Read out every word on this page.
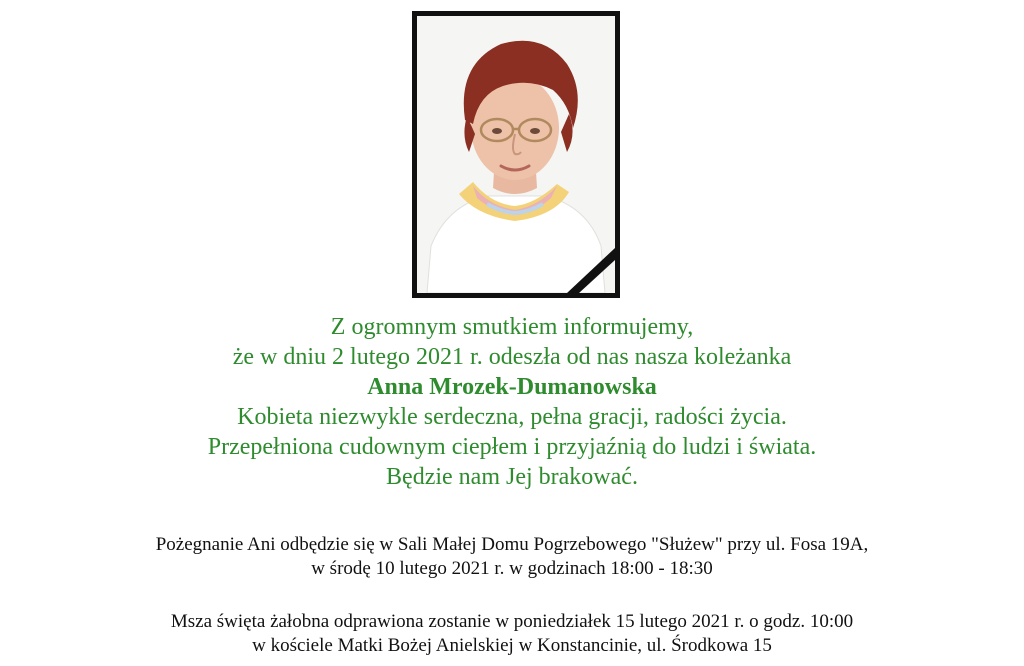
Z ogromnym smutkiem informujemy,
że w dniu 2 lutego 2021 r. odeszła od nas nasza koleżanka
Anna Mrozek-Dumanowska
Kobieta niezwykle serdeczna, pełna gracji, radości życia.
Przepełniona cudownym ciepłem i przyjaźnią do ludzi i świata.
Będzie nam Jej brakować.
Pożegnanie Ani odbędzie się w Sali Małej Domu Pogrzebowego "Służew" przy ul. Fosa 19A,
w środę 10 lutego 2021 r. w godzinach 18:00 - 18:30
Msza święta żałobna odprawiona zostanie w poniedziałek 15 lutego 2021 r. o godz. 10:00
w kościele Matki Bożej Anielskiej w Konstancinie, ul. Środkowa 15
